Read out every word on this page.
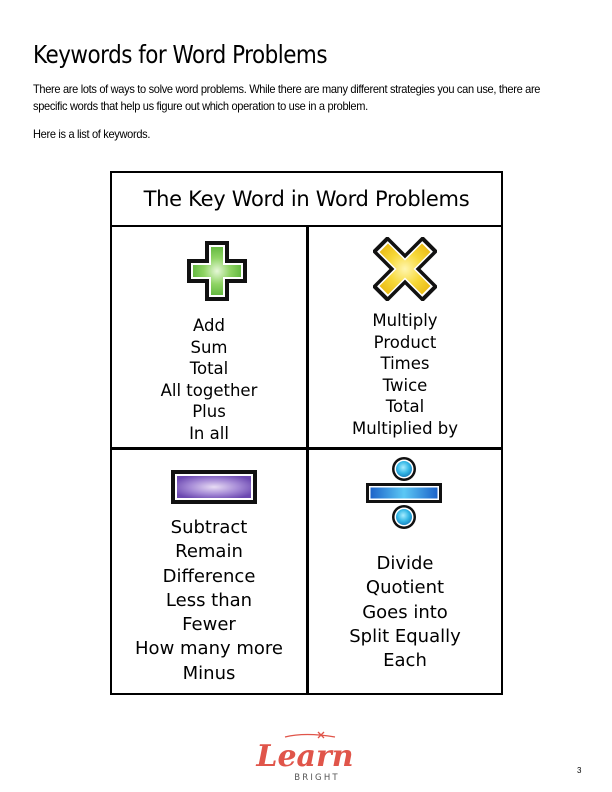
Keywords for Word Problems
There are lots of ways to solve word problems. While there are many different strategies you can use, there are specific words that help us figure out which operation to use in a problem.
Here is a list of keywords.
The Key Word in Word Problems
Add
Sum
Total
All together
Plus
In all
Multiply
Product
Times
Twice
Total
Multiplied by
Subtract
Remain
Difference
Less than
Fewer
How many more
Minus
Divide
Quotient
Goes into
Split Equally
Each
Learn
BRIGHT
3
